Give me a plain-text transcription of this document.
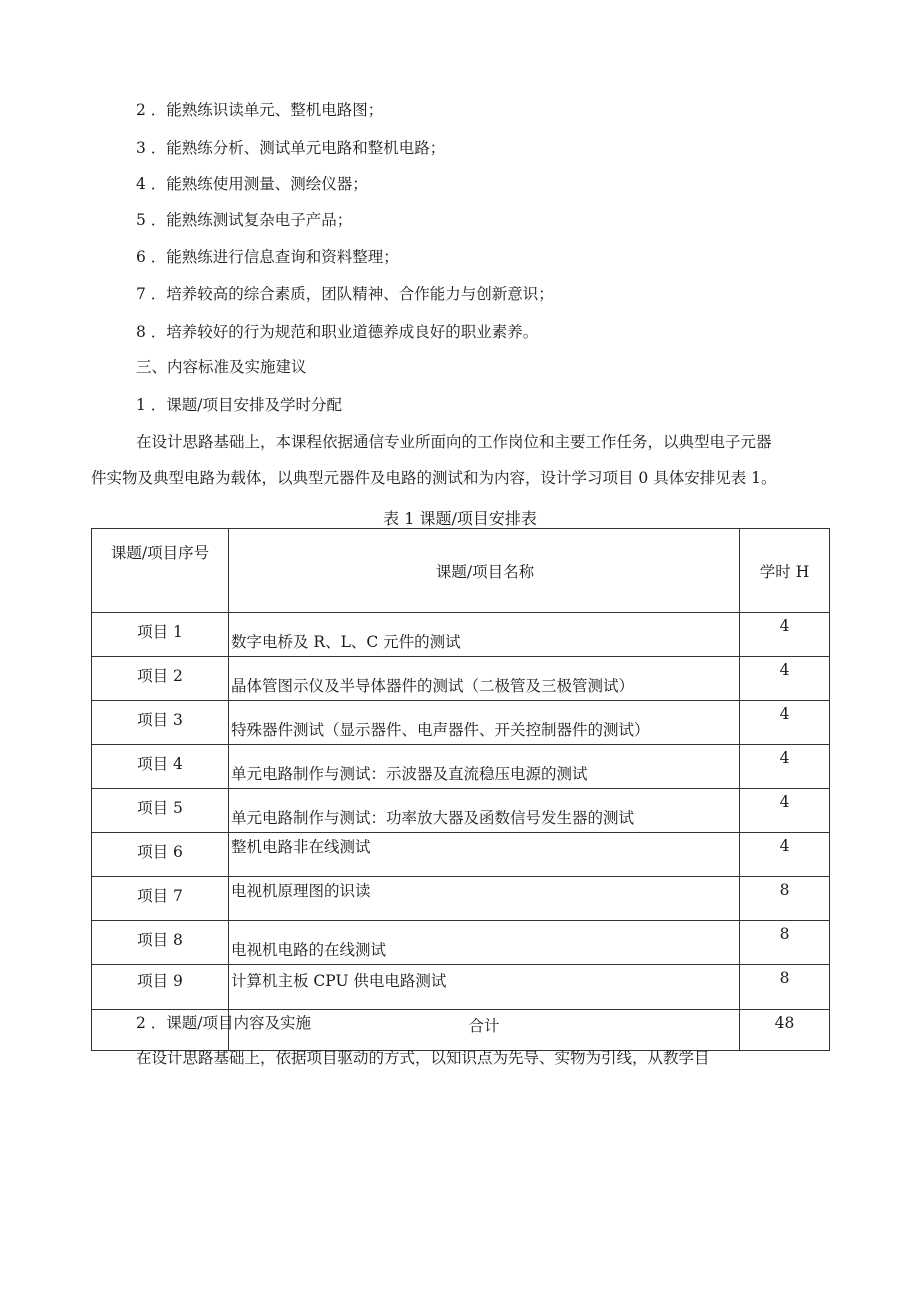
2 ．能熟练识读单元、整机电路图；
3 ．能熟练分析、测试单元电路和整机电路；
4 ．能熟练使用测量、测绘仪器；
5 ．能熟练测试复杂电子产品；
6 ．能熟练进行信息查询和资料整理；
7 ．培养较高的综合素质，团队精神、合作能力与创新意识；
8 ．培养较好的行为规范和职业道德养成良好的职业素养。
三、内容标准及实施建议
1 ．课题/项目安排及学时分配
在设计思路基础上，本课程依据通信专业所面向的工作岗位和主要工作任务，以典型电子元器
件实物及典型电路为载体，以典型元器件及电路的测试和为内容，设计学习项目 0 具体安排见表 1。
表 1 课题/项目安排表
课题/项目序号	课题/项目名称	学时 H
项目 1	数字电桥及 R、L、C 元件的测试	4
项目 2	晶体管图示仪及半导体器件的测试（二极管及三极管测试）	4
项目 3	特殊器件测试（显示器件、电声器件、开关控制器件的测试）	4
项目 4	单元电路制作与测试：示波器及直流稳压电源的测试	4
项目 5	单元电路制作与测试：功率放大器及函数信号发生器的测试	4
项目 6	整机电路非在线测试	4
项目 7	电视机原理图的识读	8
项目 8	电视机电路的在线测试	8
项目 9	计算机主板 CPU 供电电路测试	8
	合计	48
2 ．课题/项目内容及实施
在设计思路基础上，依据项目驱动的方式，以知识点为先导、实物为引线，从教学目
